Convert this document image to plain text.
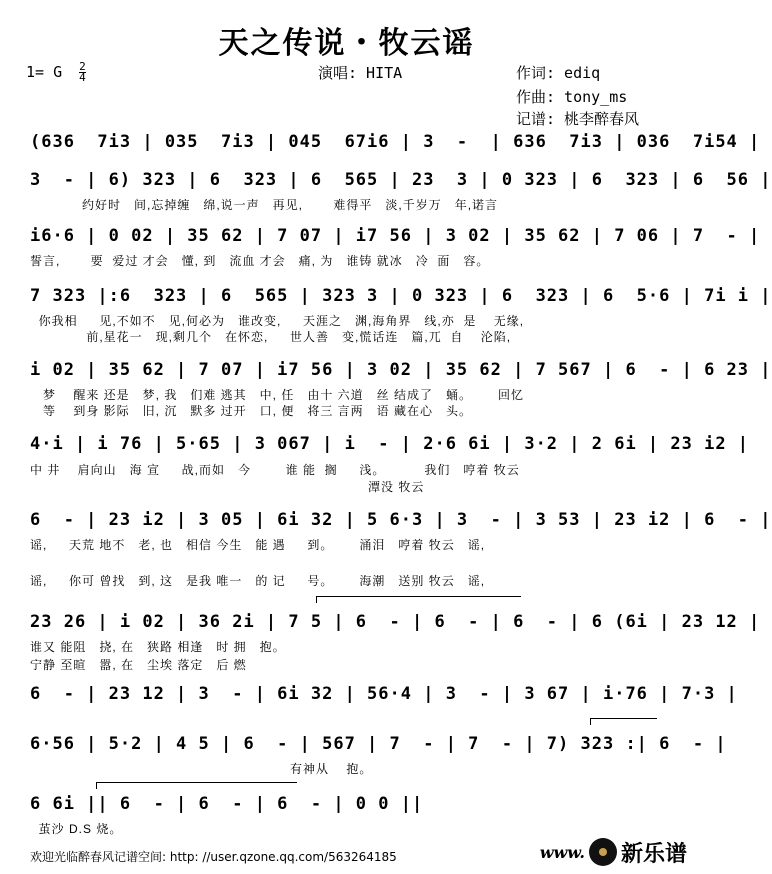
天之传说・牧云谣
1= G $\frac{2}{4}$	演唱: HITA	作词: ediq
作曲: tony_ms
记谱: 桃李醉春风
(636  7i3 | 035  7i3 | 045  67i6 | 3  -  | 636  7i3 | 036  7i54 |
3  - | 6) 323 | 6  323 | 6  565 | 23  3 | 0 323 | 6  323 | 6  56 |
约好时   间,忘掉缠   绵,说一声   再见,       难得平   淡,千岁万   年,诺言
i6·6 | 0 02 | 35 62 | 7 07 | i7 56 | 3 02 | 35 62 | 7 06 | 7  - |
誓言,       要  爱过 才会   懂, 到   流血 才会   痛, 为   谁铸 就冰   冷  面   容。
7 323 |:6  323 | 6  565 | 323 3 | 0 323 | 6  323 | 6  5·6 | 7i i |
你我相     见,不如不   见,何必为   谁改变,     天涯之   渊,海角界   线,亦  是    无缘,
前,星花一   现,剩几个   在怀恋,     世人善   变,慌话连   篇,兀  自    沦陷,
i 02 | 35 62 | 7 07 | i7 56 | 3 02 | 35 62 | 7 567 | 6  - | 6 23 |
梦    醒来 还是   梦, 我   们难 逃其   中, 任   由十 六道   丝 结成了   蛹。      回忆
等    到身 影际   旧, 沉   默多 过开   口, 便   将三 言两   语 藏在心   头。
4·i | i 76 | 5·65 | 3 067 | i  - | 2·6 6i | 3·2 | 2 6i | 23 i2 |
中 井    肩向山   海 宣     战,而如   今        谁 能  搁     浅。         我们   哼着 牧云
潭没 牧云
6  - | 23 i2 | 3 05 | 6i 32 | 5 6·3 | 3  - | 3 53 | 23 i2 | 6  - |
谣,     天荒 地不   老, 也   相信 今生   能 遇     到。      涌泪   哼着 牧云   谣,
谣,     你可 曾找   到, 这   是我 唯一   的 记     号。      海潮   送别 牧云   谣,
23 26 | i 02 | 36 2i | 7 5 | 6  - | 6  - | 6  - | 6 (6i | 23 12 |
谁又 能阻   挠, 在   狭路 相逢   时 拥   抱。
宁静 至暄   嚣, 在   尘埃 落定   后 燃
6  - | 23 12 | 3  - | 6i 32 | 56·4 | 3  - | 3 67 | i·76 | 7·3 |
6·56 | 5·2 | 4 5 | 6  - | 567 | 7  - | 7  - | 7) 323 :| 6  - |
有神从    抱。
6 6i || 6  - | 6  - | 6  - | 0 0 ||
茧沙 D.S 烧。
欢迎光临醉春风记谱空间: http: //user.qzone.qq.com/563264185	www. 新乐谱
